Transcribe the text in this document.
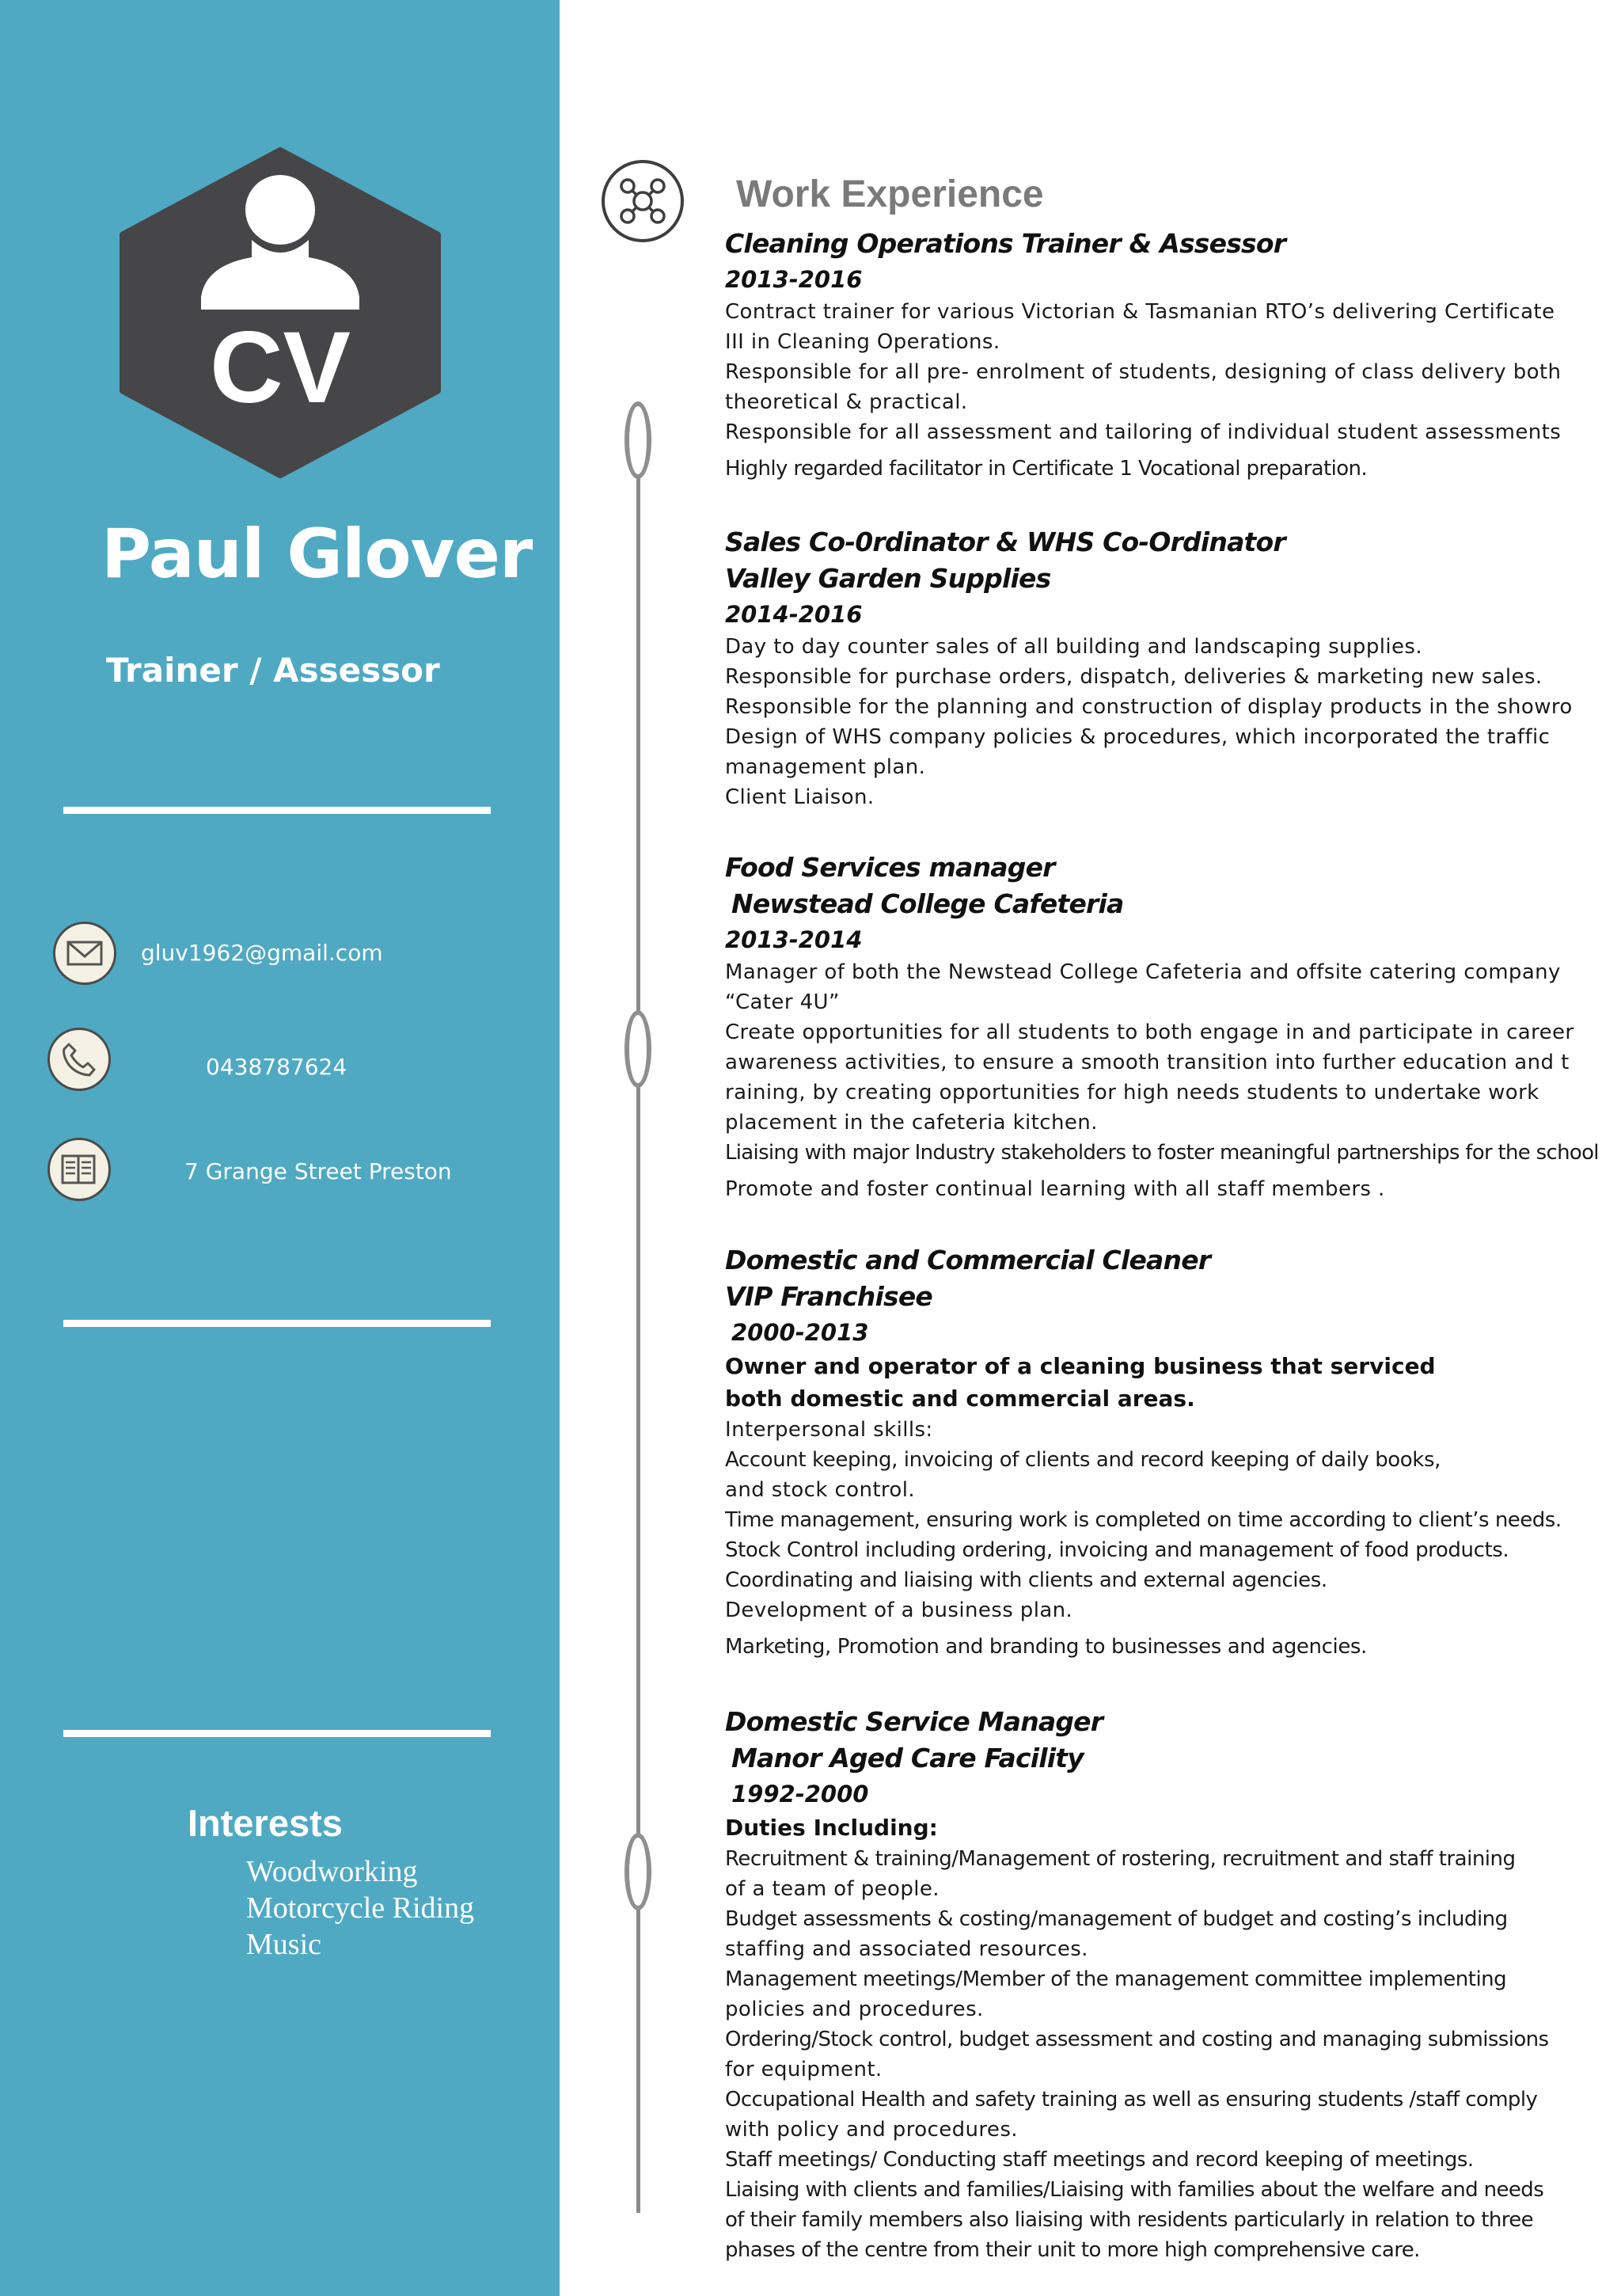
CV
Paul Glover
Trainer / Assessor
gluv1962@gmail.com
0438787624
7 Grange Street Preston
Interests
Woodworking
Motorcycle Riding
Music
Work Experience
Cleaning Operations Trainer & Assessor
2013-2016
Contract trainer for various Victorian & Tasmanian RTO’s delivering Certificate
III in Cleaning Operations.
Responsible for all pre- enrolment of students, designing of class delivery both
theoretical & practical.
Responsible for all assessment and tailoring of individual student assessments
Highly regarded facilitator in Certificate 1 Vocational preparation.
Sales Co-0rdinator & WHS Co-Ordinator
Valley Garden Supplies
2014-2016
Day to day counter sales of all building and landscaping supplies.
Responsible for purchase orders, dispatch, deliveries & marketing new sales.
Responsible for the planning and construction of display products in the showro
Design of WHS company policies & procedures, which incorporated the traffic
management plan.
Client Liaison.
Food Services manager
Newstead College Cafeteria
2013-2014
Manager of both the Newstead College Cafeteria and offsite catering company
“Cater 4U”
Create opportunities for all students to both engage in and participate in career
awareness activities, to ensure a smooth transition into further education and t
raining, by creating opportunities for high needs students to undertake work
placement in the cafeteria kitchen.
Liaising with major Industry stakeholders to foster meaningful partnerships for the school
Promote and foster continual learning with all staff members .
Domestic and Commercial Cleaner
VIP Franchisee
2000-2013
Owner and operator of a cleaning business that serviced
both domestic and commercial areas.
Interpersonal skills:
Account keeping, invoicing of clients and record keeping of daily books,
and stock control.
Time management, ensuring work is completed on time according to client’s needs.
Stock Control including ordering, invoicing and management of food products.
Coordinating and liaising with clients and external agencies.
Development of a business plan.
Marketing, Promotion and branding to businesses and agencies.
Domestic Service Manager
Manor Aged Care Facility
1992-2000
Duties Including:
Recruitment & training/Management of rostering, recruitment and staff training
of a team of people.
Budget assessments & costing/management of budget and costing’s including
staffing and associated resources.
Management meetings/Member of the management committee implementing
policies and procedures.
Ordering/Stock control, budget assessment and costing and managing submissions
for equipment.
Occupational Health and safety training as well as ensuring students /staff comply
with policy and procedures.
Staff meetings/ Conducting staff meetings and record keeping of meetings.
Liaising with clients and families/Liaising with families about the welfare and needs
of their family members also liaising with residents particularly in relation to three
phases of the centre from their unit to more high comprehensive care.
